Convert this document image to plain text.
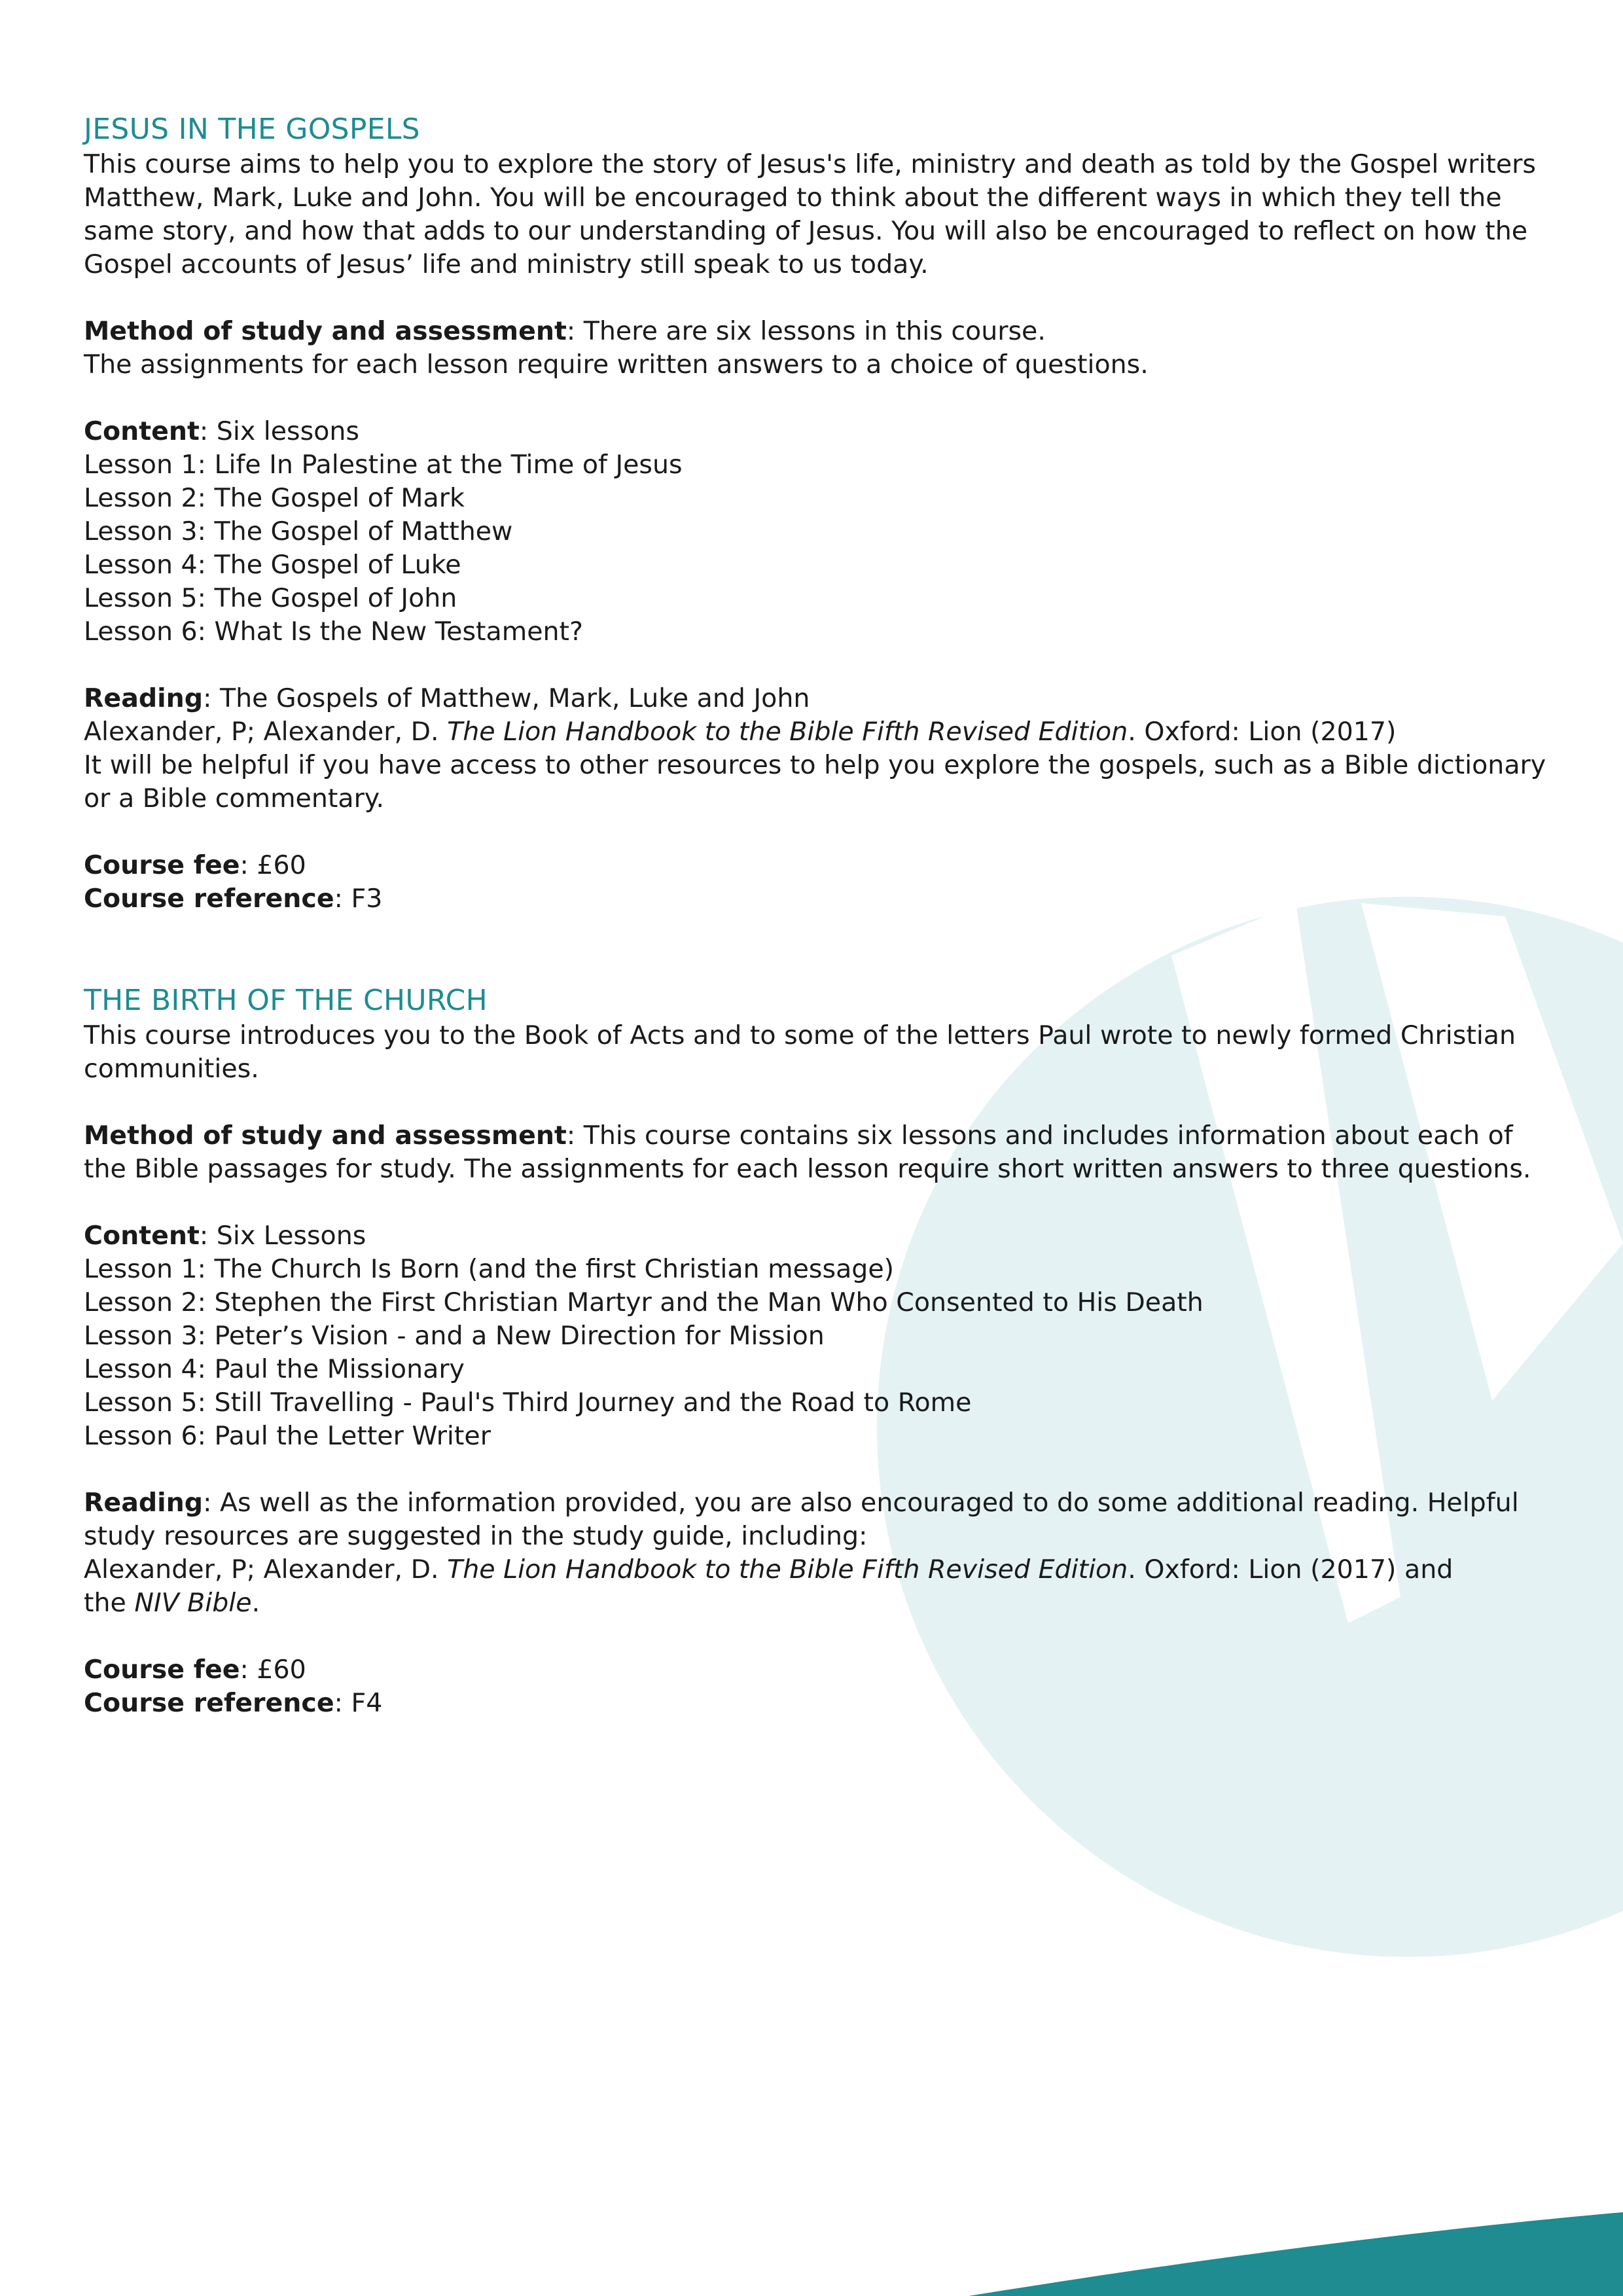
JESUS IN THE GOSPELS

This course aims to help you to explore the story of Jesus's life, ministry and death as told by the Gospel writers Matthew, Mark, Luke and John. You will be encouraged to think about the different ways in which they tell the same story, and how that adds to our understanding of Jesus. You will also be encouraged to reflect on how the Gospel accounts of Jesus’ life and ministry still speak to us today.

Method of study and assessment: There are six lessons in this course.

The assignments for each lesson require written answers to a choice of questions.

Content: Six lessons

Lesson 1: Life In Palestine at the Time of Jesus

Lesson 2: The Gospel of Mark

Lesson 3: The Gospel of Matthew

Lesson 4: The Gospel of Luke

Lesson 5: The Gospel of John

Lesson 6: What Is the New Testament?

Reading: The Gospels of Matthew, Mark, Luke and John

Alexander, P; Alexander, D. The Lion Handbook to the Bible Fifth Revised Edition. Oxford: Lion (2017)

It will be helpful if you have access to other resources to help you explore the gospels, such as a Bible dictionary or a Bible commentary.

Course fee: £60

Course reference: F3

THE BIRTH OF THE CHURCH

This course introduces you to the Book of Acts and to some of the letters Paul wrote to newly formed Christian communities.

Method of study and assessment: This course contains six lessons and includes information about each of the Bible passages for study. The assignments for each lesson require short written answers to three questions.

Content: Six Lessons

Lesson 1: The Church Is Born (and the first Christian message)

Lesson 2: Stephen the First Christian Martyr and the Man Who Consented to His Death

Lesson 3: Peter’s Vision - and a New Direction for Mission

Lesson 4: Paul the Missionary

Lesson 5: Still Travelling - Paul's Third Journey and the Road to Rome

Lesson 6: Paul the Letter Writer

Reading: As well as the information provided, you are also encouraged to do some additional reading. Helpful study resources are suggested in the study guide, including:

Alexander, P; Alexander, D. The Lion Handbook to the Bible Fifth Revised Edition. Oxford: Lion (2017) and

the NIV Bible.

Course fee: £60

Course reference: F4
